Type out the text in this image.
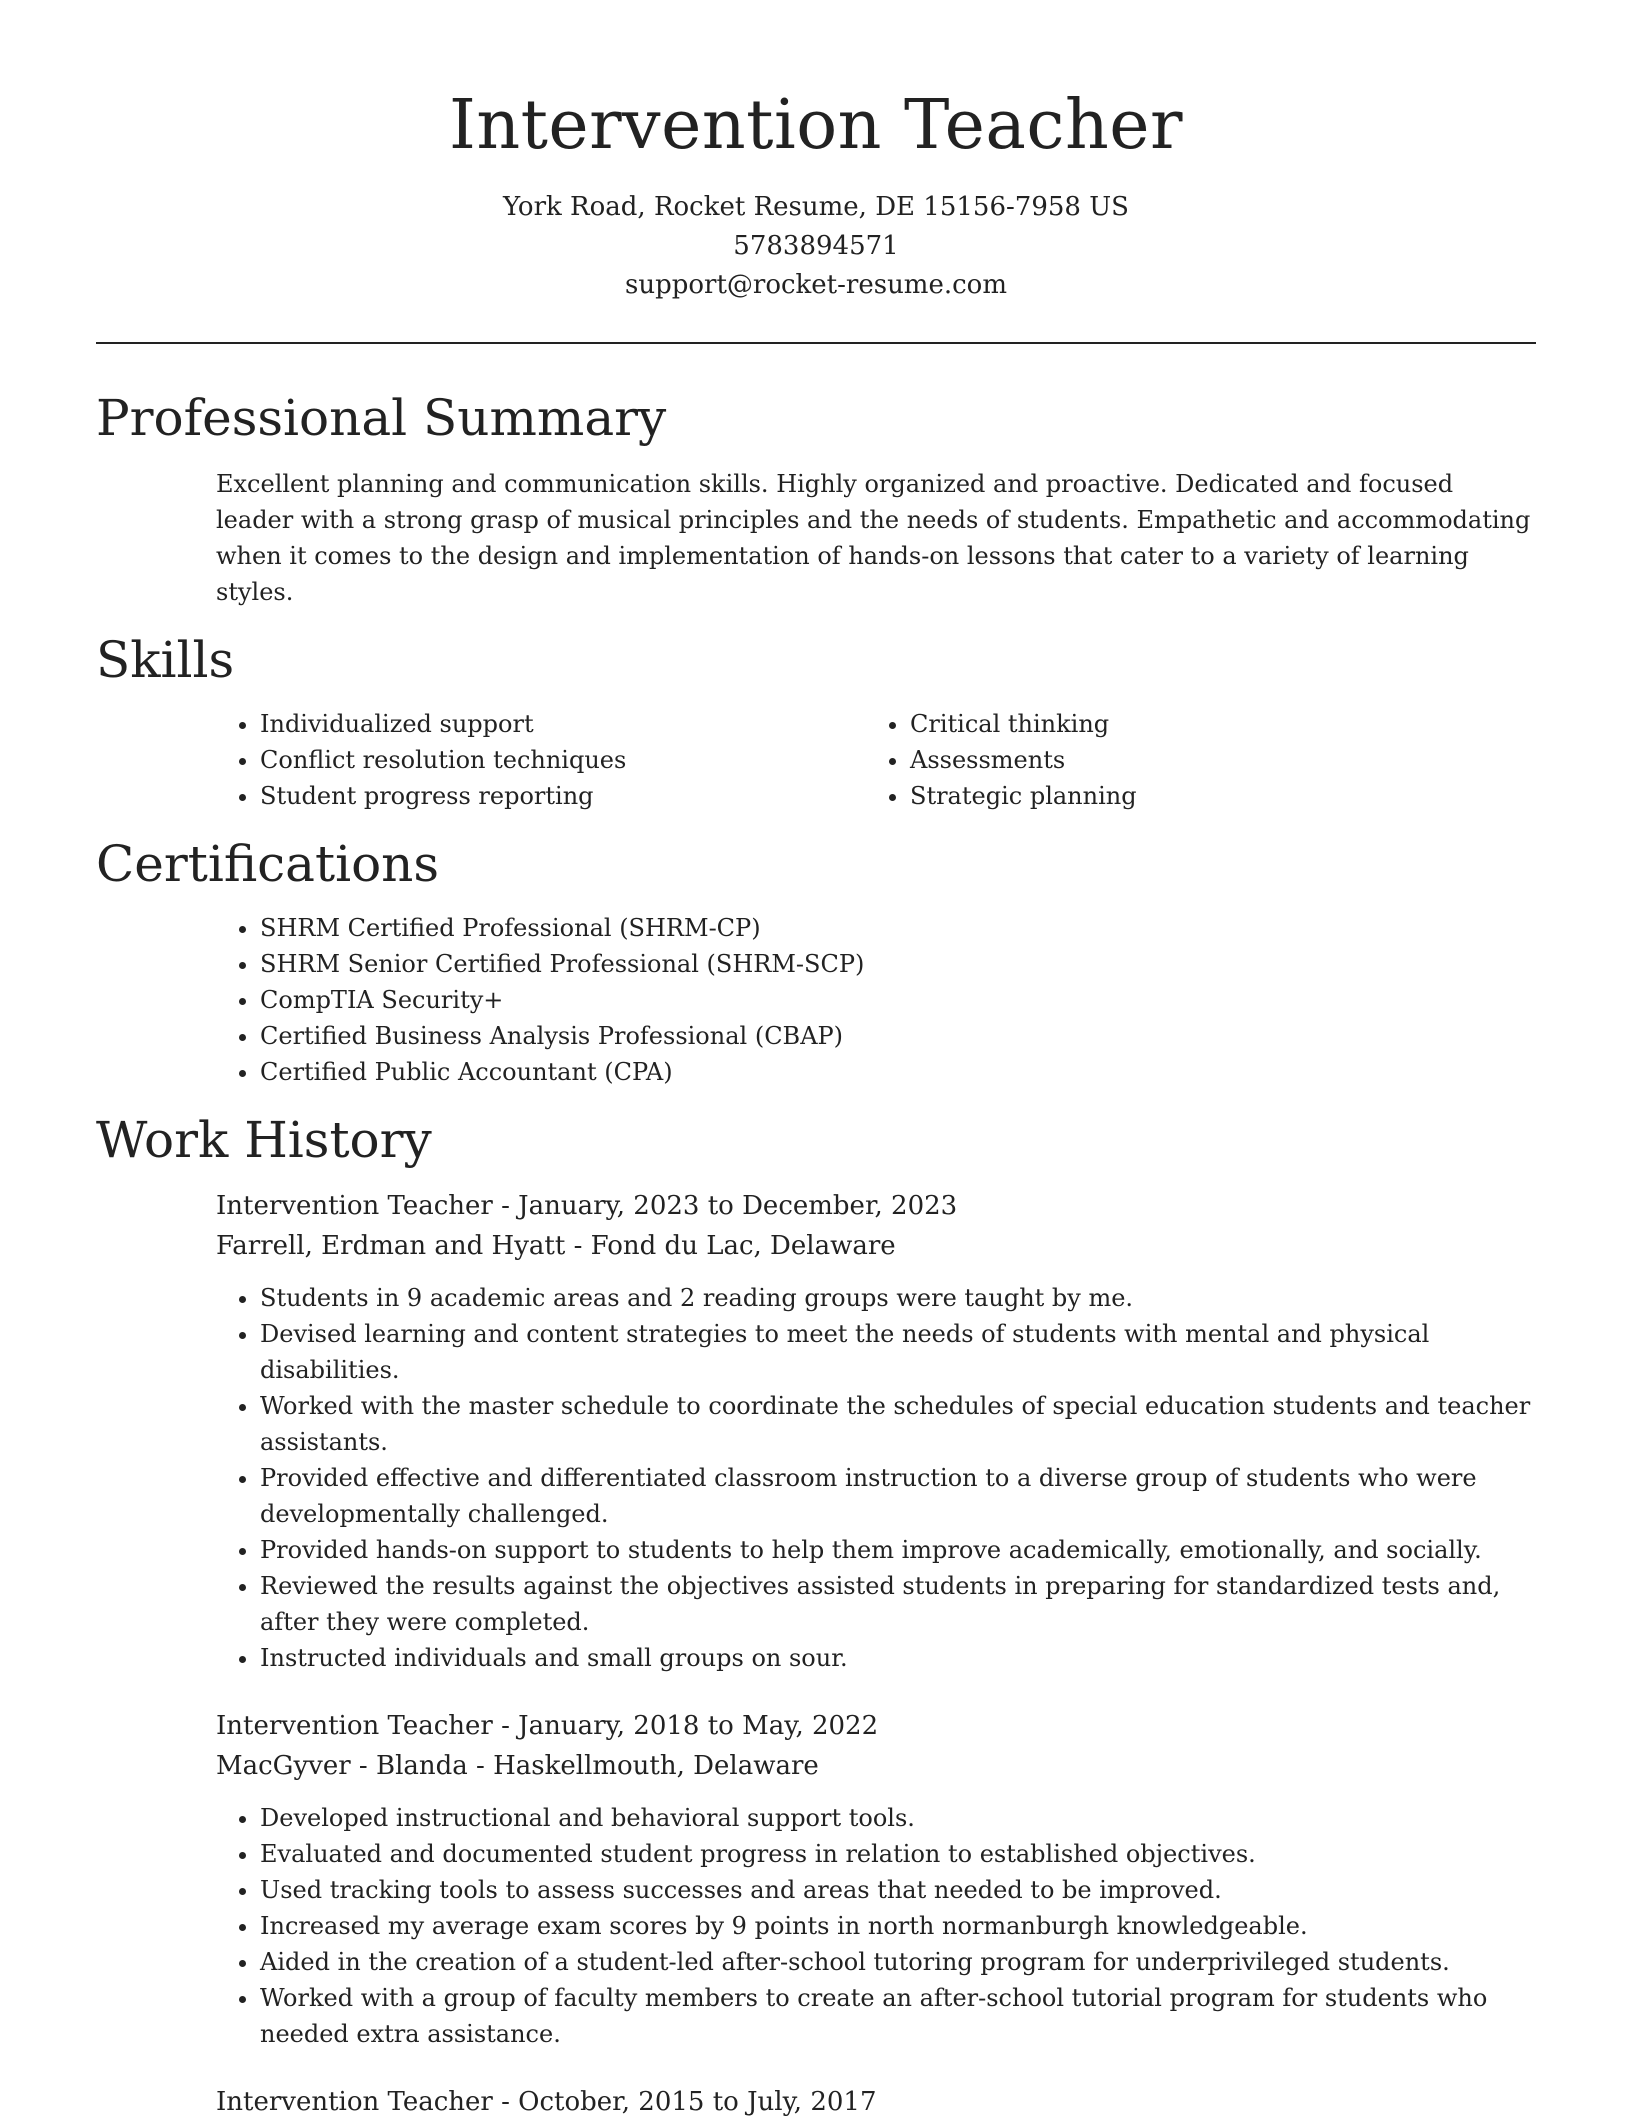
Intervention Teacher

York Road, Rocket Resume, DE 15156-7958 US

5783894571

support@rocket-resume.com

Professional Summary

Excellent planning and communication skills. Highly organized and proactive. Dedicated and focused leader with a strong grasp of musical principles and the needs of students. Empathetic and accommodating when it comes to the design and implementation of hands-on lessons that cater to a variety of learning styles.

Skills
• Individualized support
• Conflict resolution techniques
• Student progress reporting
• Critical thinking
• Assessments
• Strategic planning
Certifications
• SHRM Certified Professional (SHRM-CP)
• SHRM Senior Certified Professional (SHRM-SCP)
• CompTIA Security+
• Certified Business Analysis Professional (CBAP)
• Certified Public Accountant (CPA)
Work History

Intervention Teacher - January, 2023 to December, 2023

Farrell, Erdman and Hyatt - Fond du Lac, Delaware

• Students in 9 academic areas and 2 reading groups were taught by me.
• Devised learning and content strategies to meet the needs of students with mental and physical disabilities.
• Worked with the master schedule to coordinate the schedules of special education students and teacher assistants.
• Provided effective and differentiated classroom instruction to a diverse group of students who were developmentally challenged.
• Provided hands-on support to students to help them improve academically, emotionally, and socially.
• Reviewed the results against the objectives assisted students in preparing for standardized tests and, after they were completed.
• Instructed individuals and small groups on sour.

Intervention Teacher - January, 2018 to May, 2022

MacGyver - Blanda - Haskellmouth, Delaware

• Developed instructional and behavioral support tools.
• Evaluated and documented student progress in relation to established objectives.
• Used tracking tools to assess successes and areas that needed to be improved.
• Increased my average exam scores by 9 points in north normanburgh knowledgeable.
• Aided in the creation of a student-led after-school tutoring program for underprivileged students.
• Worked with a group of faculty members to create an after-school tutorial program for students who needed extra assistance.

Intervention Teacher - October, 2015 to July, 2017
